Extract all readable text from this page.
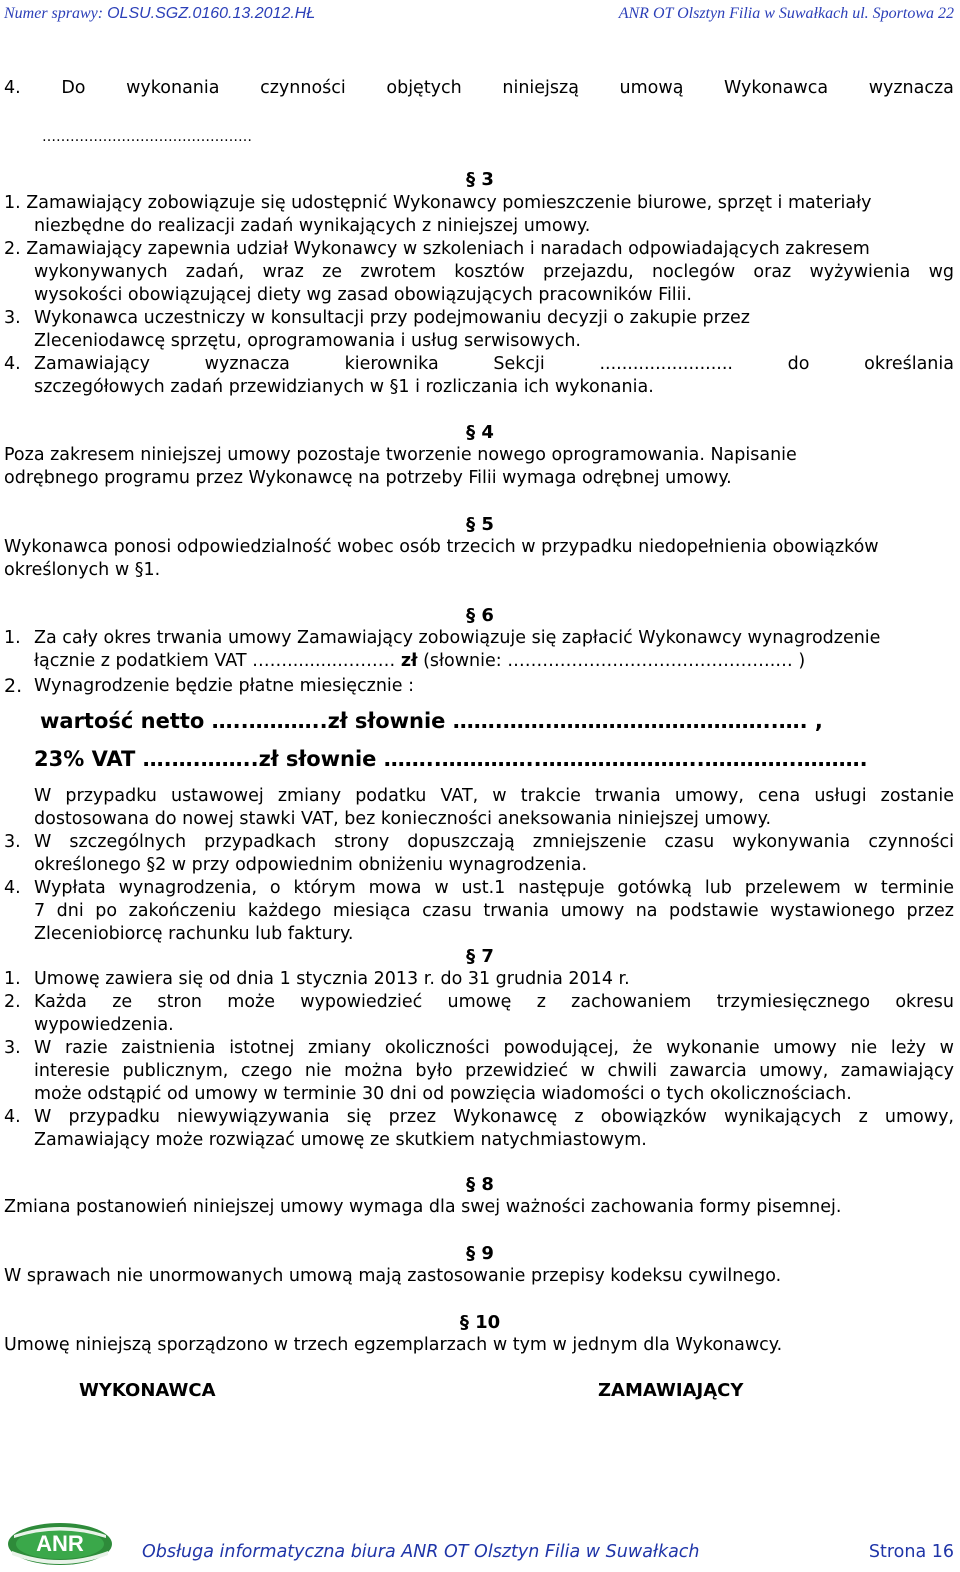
Numer sprawy: OLSU.SGZ.0160.13.2012.HŁ	ANR OT Olsztyn Filia w Suwałkach ul. Sportowa 22
4. Do wykonania czynności objętych niniejszą umową Wykonawca wyznacza
………………………………………
§ 3
1. Zamawiający zobowiązuje się udostępnić Wykonawcy pomieszczenie biurowe, sprzęt i materiały
niezbędne do realizacji zadań wynikających z niniejszej umowy.
2. Zamawiający zapewnia udział Wykonawcy w szkoleniach i naradach odpowiadających zakresem
wykonywanych zadań, wraz ze zwrotem kosztów przejazdu, noclegów oraz wyżywienia wg
wysokości obowiązującej diety wg zasad obowiązujących pracowników Filii.
3. Wykonawca uczestniczy w konsultacji przy podejmowaniu decyzji o zakupie przez
Zleceniodawcę sprzętu, oprogramowania i usług serwisowych.
4. Zamawiający wyznacza kierownika Sekcji ........................ do określania
szczegółowych zadań przewidzianych w §1 i rozliczania ich wykonania.
§ 4
Poza zakresem niniejszej umowy pozostaje tworzenie nowego oprogramowania. Napisanie
odrębnego programu przez Wykonawcę na potrzeby Filii wymaga odrębnej umowy.
§ 5
Wykonawca ponosi odpowiedzialność wobec osób trzecich w przypadku niedopełnienia obowiązków
określonych w §1.
§ 6
1. Za cały okres trwania umowy Zamawiający zobowiązuje się zapłacić Wykonawcy wynagrodzenie
łącznie z podatkiem VAT ……..........……… zł (słownie: ……………………………………….… )
2. Wynagrodzenie będzie płatne miesięcznie :
wartość netto …..………..zł słownie …….…….…………………………..…. ,
23% VAT ….….……..zł słownie ……..…………..…………………..………….……….
W przypadku ustawowej zmiany podatku VAT, w trakcie trwania umowy, cena usługi zostanie
dostosowana do nowej stawki VAT, bez konieczności aneksowania niniejszej umowy.
3. W szczególnych przypadkach strony dopuszczają zmniejszenie czasu wykonywania czynności
określonego §2 w przy odpowiednim obniżeniu wynagrodzenia.
4. Wypłata wynagrodzenia, o którym mowa w ust.1 następuje gotówką lub przelewem w terminie
7 dni po zakończeniu każdego miesiąca czasu trwania umowy na podstawie wystawionego przez
Zleceniobiorcę rachunku lub faktury.
§ 7
1. Umowę zawiera się od dnia 1 stycznia 2013 r. do 31 grudnia 2014 r.
2. Każda ze stron może wypowiedzieć umowę z zachowaniem trzymiesięcznego okresu
wypowiedzenia.
3. W razie zaistnienia istotnej zmiany okoliczności powodującej, że wykonanie umowy nie leży w
interesie publicznym, czego nie można było przewidzieć w chwili zawarcia umowy, zamawiający
może odstąpić od umowy w terminie 30 dni od powzięcia wiadomości o tych okolicznościach.
4. W przypadku niewywiązywania się przez Wykonawcę z obowiązków wynikających z umowy,
Zamawiający może rozwiązać umowę ze skutkiem natychmiastowym.
§ 8
Zmiana postanowień niniejszej umowy wymaga dla swej ważności zachowania formy pisemnej.
§ 9
W sprawach nie unormowanych umową mają zastosowanie przepisy kodeksu cywilnego.
§ 10
Umowę niniejszą sporządzono w trzech egzemplarzach w tym w jednym dla Wykonawcy.
WYKONAWCA	ZAMAWIAJĄCY
ANR	Obsługa informatyczna biura ANR OT Olsztyn Filia w Suwałkach	Strona 16
